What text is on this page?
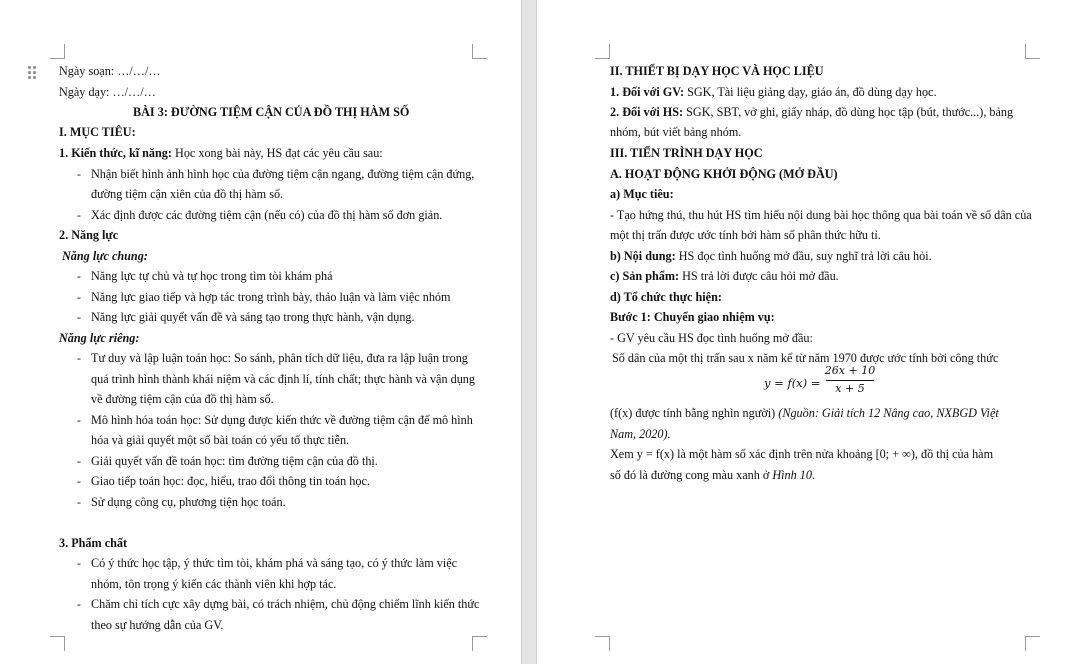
Ngày soạn: …/…/…
Ngày dạy: …/…/…
BÀI 3: ĐƯỜNG TIỆM CẬN CỦA ĐỒ THỊ HÀM SỐ
I. MỤC TIÊU:
1. Kiến thức, kĩ năng: Học xong bài này, HS đạt các yêu cầu sau:
- Nhận biết hình ảnh hình học của đường tiệm cận ngang, đường tiệm cận đứng,
đường tiệm cận xiên của đồ thị hàm số.
- Xác định được các đường tiệm cận (nếu có) của đồ thị hàm số đơn giản.
2. Năng lực
Năng lực chung:
- Năng lực tự chủ và tự học trong tìm tòi khám phá
- Năng lực giao tiếp và hợp tác trong trình bày, thảo luận và làm việc nhóm
- Năng lực giải quyết vấn đề và sáng tạo trong thực hành, vận dụng.
Năng lực riêng:
- Tư duy và lập luận toán học: So sánh, phân tích dữ liệu, đưa ra lập luận trong
quá trình hình thành khái niệm và các định lí, tính chất; thực hành và vận dụng
về đường tiệm cận của đồ thị hàm số.
- Mô hình hóa toán học: Sử dụng được kiến thức về đường tiệm cận để mô hình
hóa và giải quyết một số bài toán có yếu tố thực tiễn.
- Giải quyết vấn đề toán học: tìm đường tiệm cận của đồ thị.
- Giao tiếp toán học: đọc, hiểu, trao đổi thông tin toán học.
- Sử dụng công cụ, phương tiện học toán.
3. Phẩm chất
- Có ý thức học tập, ý thức tìm tòi, khám phá và sáng tạo, có ý thức làm việc
nhóm, tôn trọng ý kiến các thành viên khi hợp tác.
- Chăm chỉ tích cực xây dựng bài, có trách nhiệm, chủ động chiếm lĩnh kiến thức
theo sự hướng dẫn của GV.
II. THIẾT BỊ DẠY HỌC VÀ HỌC LIỆU
1. Đối với GV: SGK, Tài liệu giảng dạy, giáo án, đồ dùng dạy học.
2. Đối với HS: SGK, SBT, vở ghi, giấy nháp, đồ dùng học tập (bút, thước...), bảng
nhóm, bút viết bảng nhóm.
III. TIẾN TRÌNH DẠY HỌC
A. HOẠT ĐỘNG KHỞI ĐỘNG (MỞ ĐẦU)
a) Mục tiêu:
- Tạo hứng thú, thu hút HS tìm hiểu nội dung bài học thông qua bài toán về số dân của
một thị trấn được ước tính bởi hàm số phân thức hữu tỉ.
b) Nội dung: HS đọc tình huống mở đầu, suy nghĩ trả lời câu hỏi.
c) Sản phẩm: HS trả lời được câu hỏi mở đầu.
d) Tổ chức thực hiện:
Bước 1: Chuyển giao nhiệm vụ:
- GV yêu cầu HS đọc tình huống mở đầu:
Số dân của một thị trấn sau x năm kể từ năm 1970 được ước tính bởi công thức
y = f(x) =
26x + 10
x + 5
(f(x) được tính bằng nghìn người) (Nguồn: Giải tích 12 Nâng cao, NXBGD Việt
Nam, 2020).
Xem y = f(x) là một hàm số xác định trên nửa khoảng [0; + ∞), đồ thị của hàm
số đó là đường cong màu xanh ở Hình 10.
